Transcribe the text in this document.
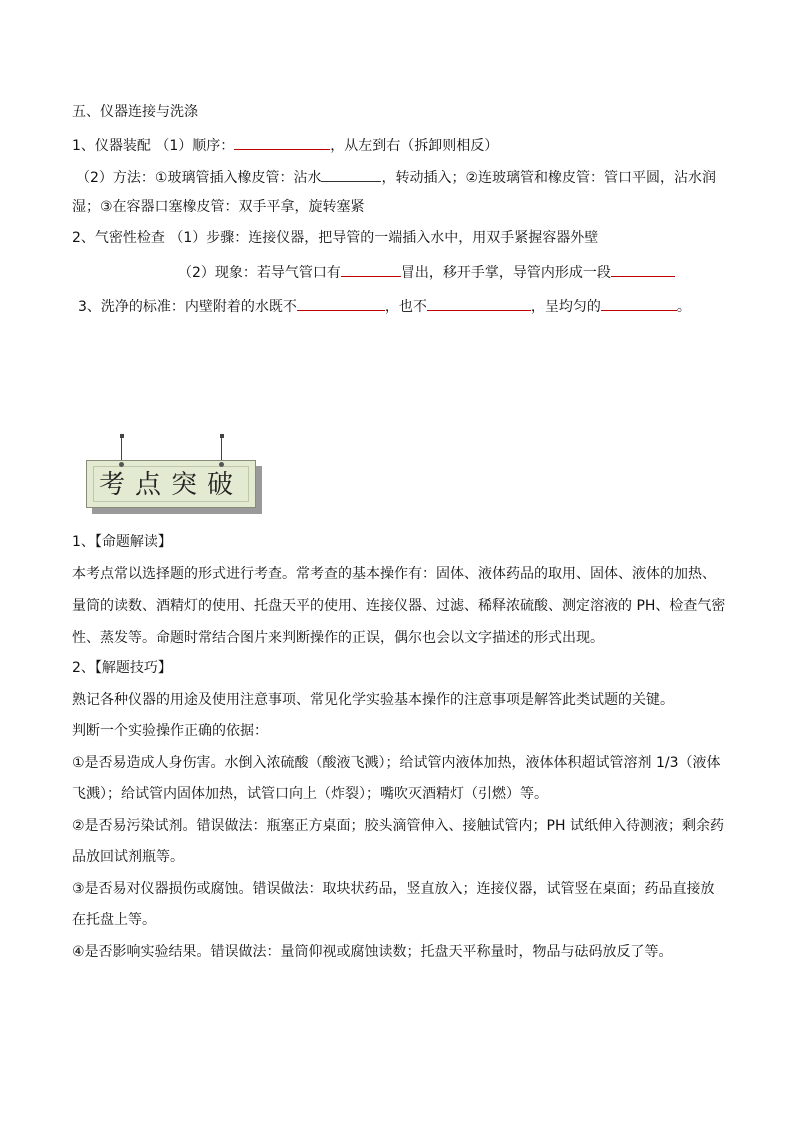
五、仪器连接与洗涤
1、仪器装配 （1）顺序：	，从左到右（拆卸则相反）
（2）方法：①玻璃管插入橡皮管：沾水	，转动插入；②连玻璃管和橡皮管：管口平圆，沾水润
湿；③在容器口塞橡皮管：双手平拿，旋转塞紧
2、气密性检查 （1）步骤：连接仪器，把导管的一端插入水中，用双手紧握容器外壁
（2）现象：若导气管口有	冒出，移开手掌，导管内形成一段
3、洗净的标准：内壁附着的水既不	，也不	，呈均匀的	。
考点突破
1、【命题解读】
本考点常以选择题的形式进行考查。常考查的基本操作有：固体、液体药品的取用、固体、液体的加热、
量筒的读数、酒精灯的使用、托盘天平的使用、连接仪器、过滤、稀释浓硫酸、测定溶液的 PH、检查气密
性、蒸发等。命题时常结合图片来判断操作的正误，偶尔也会以文字描述的形式出现。
2、【解题技巧】
熟记各种仪器的用途及使用注意事项、常见化学实验基本操作的注意事项是解答此类试题的关键。
判断一个实验操作正确的依据：
①是否易造成人身伤害。水倒入浓硫酸（酸液飞溅）；给试管内液体加热，液体体积超试管溶剂 1/3（液体
飞溅）；给试管内固体加热，试管口向上（炸裂）；嘴吹灭酒精灯（引燃）等。
②是否易污染试剂。错误做法：瓶塞正方桌面；胶头滴管伸入、接触试管内；PH 试纸伸入待测液；剩余药
品放回试剂瓶等。
③是否易对仪器损伤或腐蚀。错误做法：取块状药品，竖直放入；连接仪器，试管竖在桌面；药品直接放
在托盘上等。
④是否影响实验结果。错误做法：量筒仰视或腐蚀读数；托盘天平称量时，物品与砝码放反了等。
